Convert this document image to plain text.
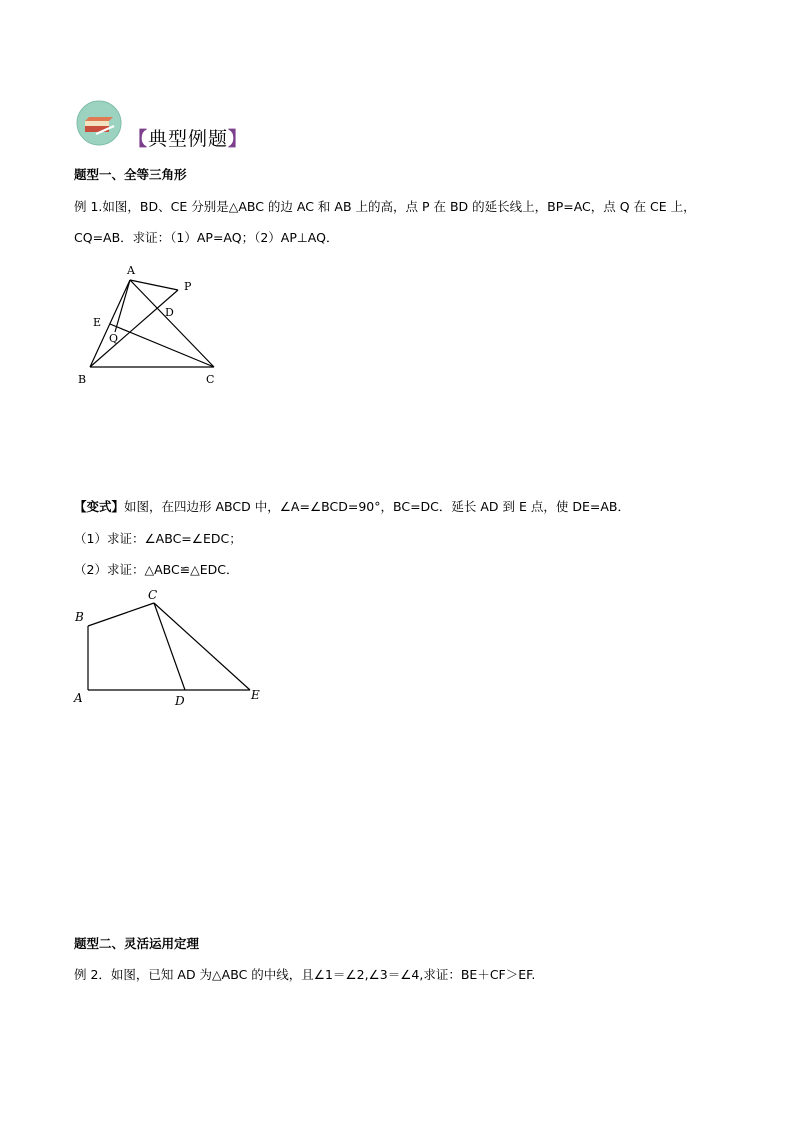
【典型例题】
题型一、全等三角形
例 1.如图，BD、CE 分别是△ABC 的边 AC 和 AB 上的高，点 P 在 BD 的延长线上，BP=AC，点 Q 在 CE 上，
CQ=AB．求证：（1）AP=AQ；（2）AP⊥AQ．
A
P
D
E
Q
B	C
【变式】如图，在四边形 ABCD 中，∠A=∠BCD=90°，BC=DC．延长 AD 到 E 点，使 DE=AB．
（1）求证：∠ABC=∠EDC；
（2）求证：△ABC≌△EDC．
B
C
A	D	E
题型二、灵活运用定理
例 2．如图，已知 AD 为△ABC 的中线，且∠1＝∠2,∠3＝∠4,求证：BE＋CF＞EF.
